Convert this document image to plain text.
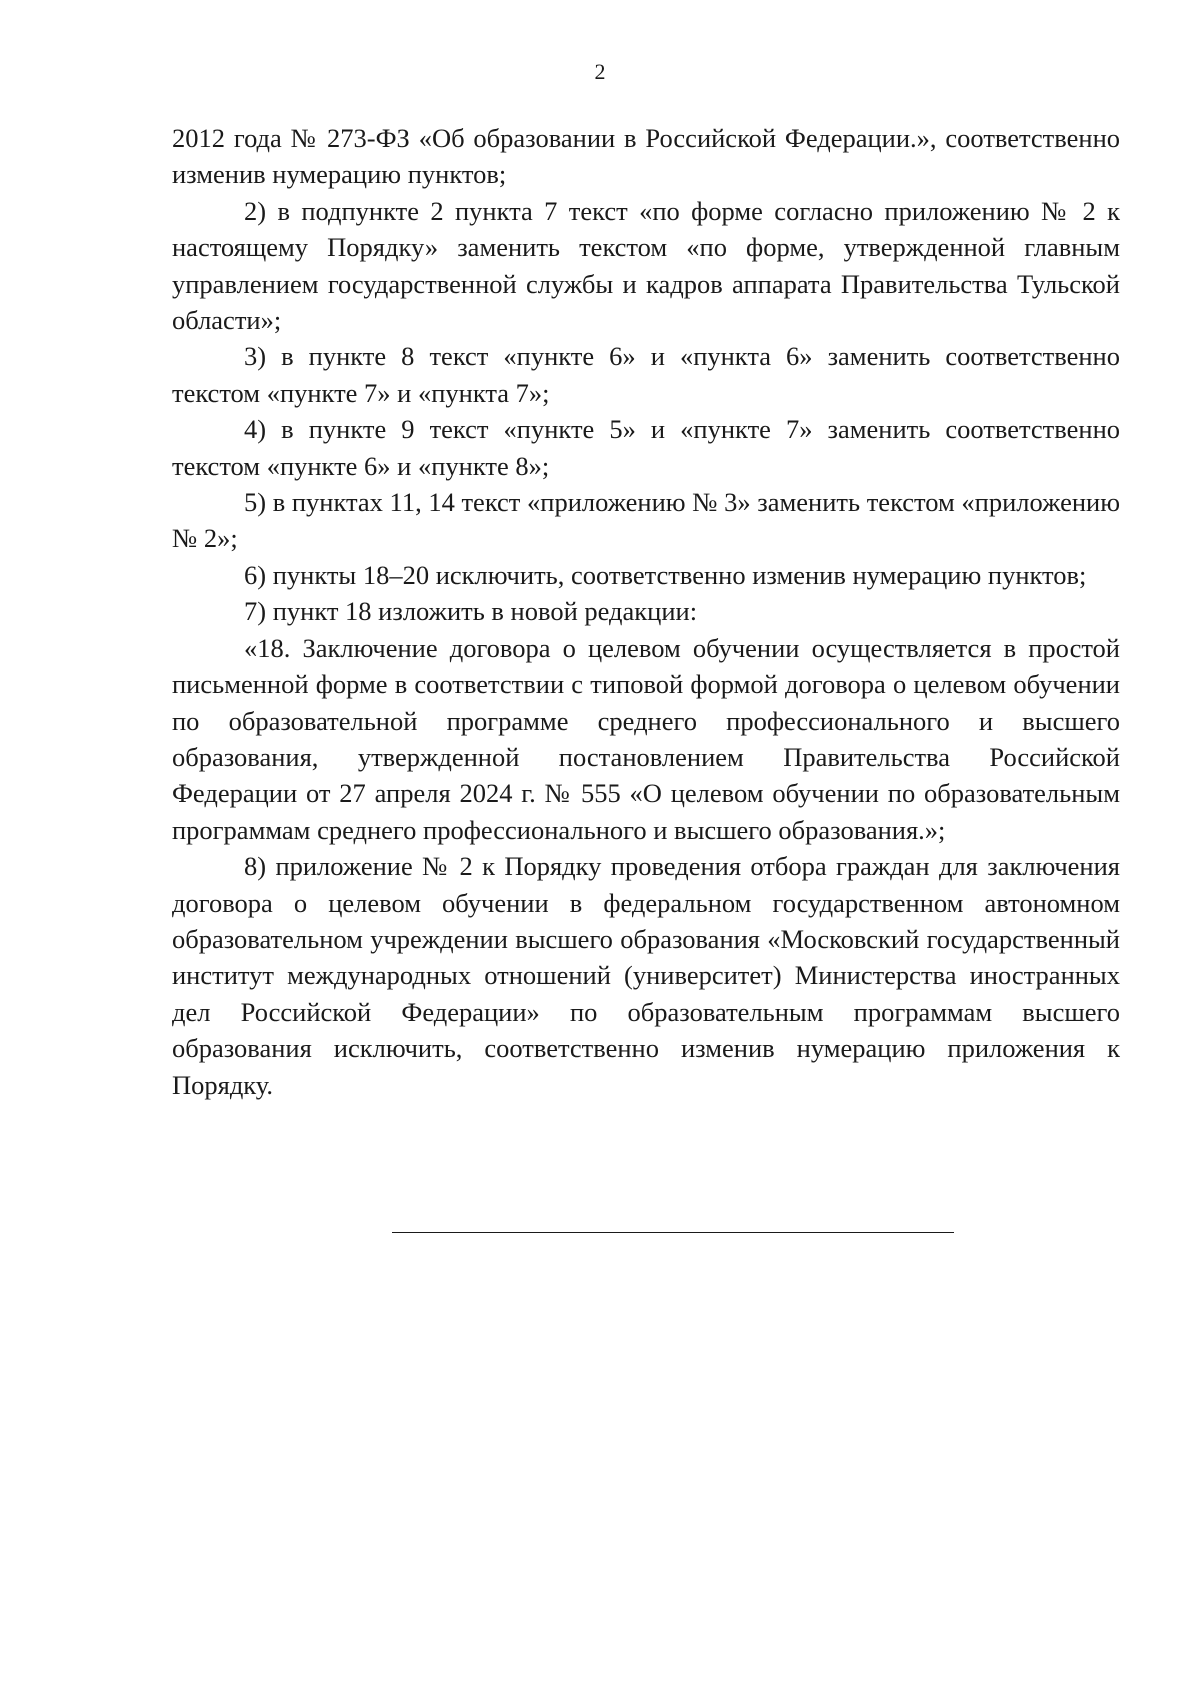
2

2012 года № 273-ФЗ «Об образовании в Российской Федерации.», соответственно изменив нумерацию пунктов;

2) в подпункте 2 пункта 7 текст «по форме согласно приложению № 2 к настоящему Порядку» заменить текстом «по форме, утвержденной главным управлением государственной службы и кадров аппарата Правительства Тульской области»;

3) в пункте 8 текст «пункте 6» и «пункта 6» заменить соответственно текстом «пункте 7» и «пункта 7»;

4) в пункте 9 текст «пункте 5» и «пункте 7» заменить соответственно текстом «пункте 6» и «пункте 8»;

5) в пунктах 11, 14 текст «приложению № 3» заменить текстом «приложению № 2»;

6) пункты 18–20 исключить, соответственно изменив нумерацию пунктов;

7) пункт 18 изложить в новой редакции:

«18. Заключение договора о целевом обучении осуществляется в простой письменной форме в соответствии с типовой формой договора о целевом обучении по образовательной программе среднего профессионального и высшего образования, утвержденной постановлением Правительства Российской Федерации от 27 апреля 2024 г. № 555 «О целевом обучении по образовательным программам среднего профессионального и высшего образования.»;

8) приложение № 2 к Порядку проведения отбора граждан для заключения договора о целевом обучении в федеральном государственном автономном образовательном учреждении высшего образования «Московский государственный институт международных отношений (университет) Министерства иностранных дел Российской Федерации» по образовательным программам высшего образования исключить, соответственно изменив нумерацию приложения к Порядку.
